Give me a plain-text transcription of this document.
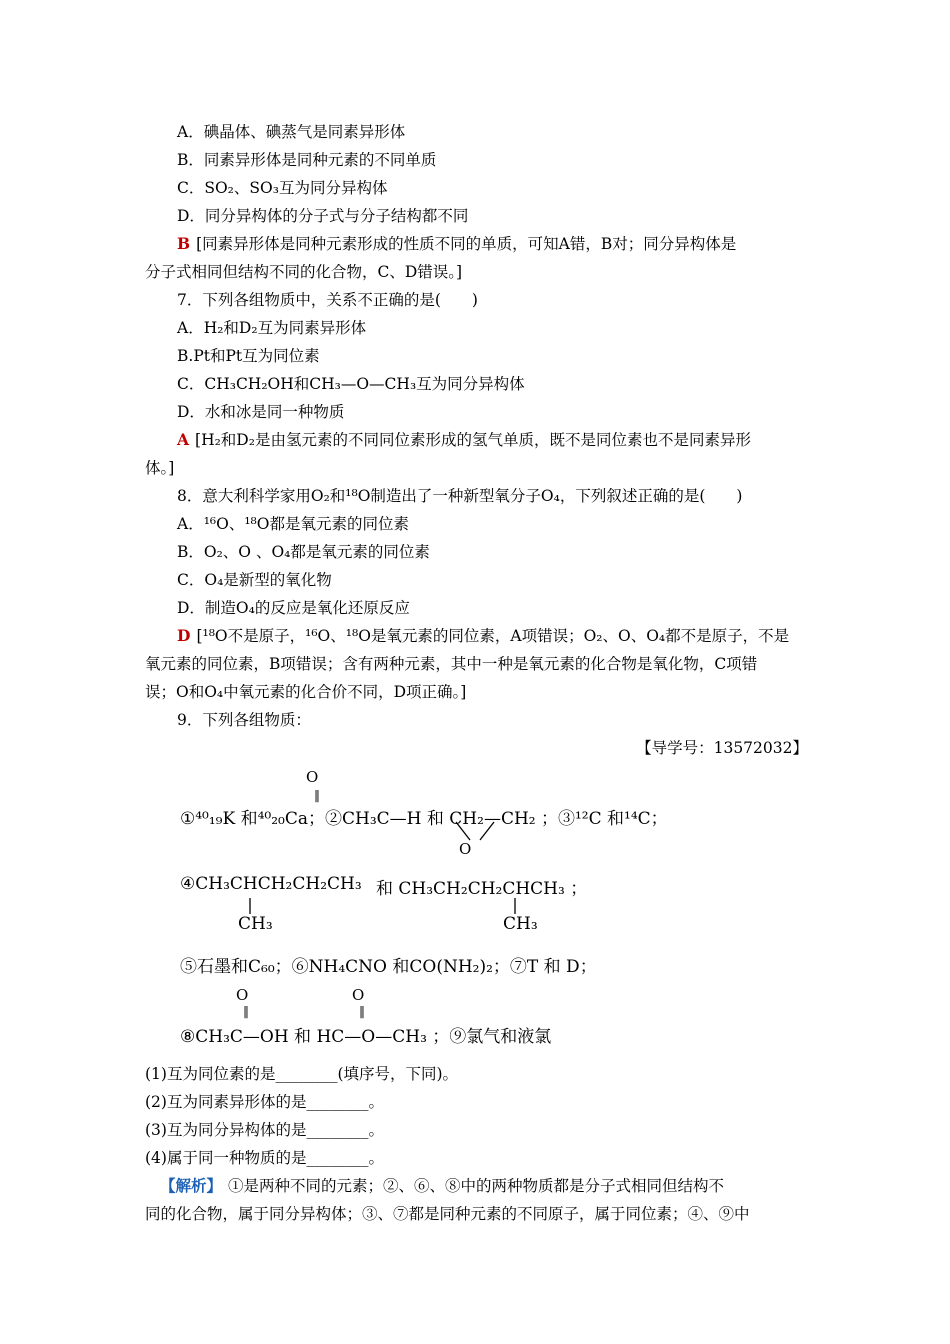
A．碘晶体、碘蒸气是同素异形体
B．同素异形体是同种元素的不同单质
C．SO₂、SO₃互为同分异构体
D．同分异构体的分子式与分子结构都不同
B [同素异形体是同种元素形成的性质不同的单质，可知A错，B对；同分异构体是
分子式相同但结构不同的化合物，C、D错误。]
7．下列各组物质中，关系不正确的是(　　)
A．H₂和D₂互为同素异形体
B.Pt和Pt互为同位素
C．CH₃CH₂OH和CH₃—O—CH₃互为同分异构体
D．水和冰是同一种物质
A [H₂和D₂是由氢元素的不同同位素形成的氢气单质，既不是同位素也不是同素异形
体。]
8．意大利科学家用O₂和¹⁸O制造出了一种新型氧分子O₄，下列叙述正确的是(　　)
A．¹⁶O、¹⁸O都是氧元素的同位素
B．O₂、O 、O₄都是氧元素的同位素
C．O₄是新型的氧化物
D．制造O₄的反应是氧化还原反应
D [¹⁸O不是原子，¹⁶O、¹⁸O是氧元素的同位素，A项错误；O₂、O、O₄都不是原子，不是
氧元素的同位素，B项错误；含有两种元素，其中一种是氧元素的化合物是氧化物，C项错
误；O和O₄中氧元素的化合价不同，D项正确。]
9．下列各组物质：
【导学号：13572032】
O
‖
①⁴⁰₁₉K 和⁴⁰₂₀Ca；②CH₃C—H 和 CH₂—CH₂ ；③¹²C 和¹⁴C；
O
④CH₃CHCH₂CH₂CH₃ 和 CH₃CH₂CH₂CHCH₃ ；
CH₃	CH₃
⑤石墨和C₆₀；⑥NH₄CNO 和CO(NH₂)₂；⑦T 和 D；
O
‖
O
‖
⑧CH₃C—OH 和 HC—O—CH₃ ；⑨氯气和液氯
(1)互为同位素的是________(填序号，下同)。
(2)互为同素异形体的是________。
(3)互为同分异构体的是________。
(4)属于同一种物质的是________。
【解析】 ①是两种不同的元素；②、⑥、⑧中的两种物质都是分子式相同但结构不
同的化合物，属于同分异构体；③、⑦都是同种元素的不同原子，属于同位素；④、⑨中
